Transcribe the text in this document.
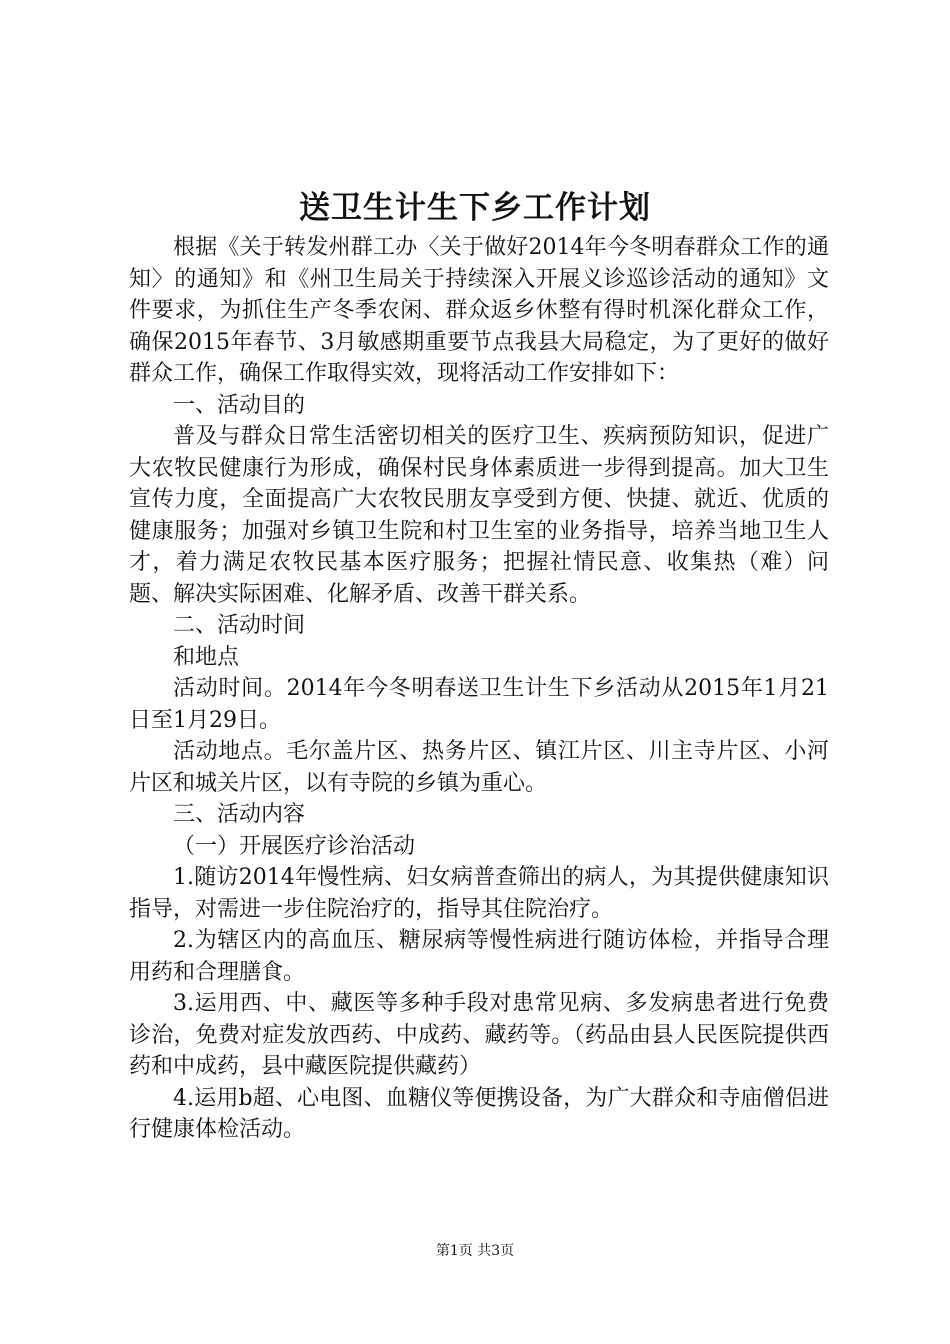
送卫生计生下乡工作计划

根据《关于转发州群工办〈关于做好2014年今冬明春群众工作的通知〉的通知》和《州卫生局关于持续深入开展义诊巡诊活动的通知》文件要求，为抓住生产冬季农闲、群众返乡休整有得时机深化群众工作，确保2015年春节、3月敏感期重要节点我县大局稳定，为了更好的做好群众工作，确保工作取得实效，现将活动工作安排如下：

一、活动目的

普及与群众日常生活密切相关的医疗卫生、疾病预防知识，促进广大农牧民健康行为形成，确保村民身体素质进一步得到提高。加大卫生宣传力度，全面提高广大农牧民朋友享受到方便、快捷、就近、优质的健康服务；加强对乡镇卫生院和村卫生室的业务指导，培养当地卫生人才，着力满足农牧民基本医疗服务；把握社情民意、收集热（难）问题、解决实际困难、化解矛盾、改善干群关系。

二、活动时间

和地点

活动时间。2014年今冬明春送卫生计生下乡活动从2015年1月21日至1月29日。

活动地点。毛尔盖片区、热务片区、镇江片区、川主寺片区、小河片区和城关片区，以有寺院的乡镇为重心。

三、活动内容

（一）开展医疗诊治活动

1.随访2014年慢性病、妇女病普查筛出的病人，为其提供健康知识指导，对需进一步住院治疗的，指导其住院治疗。

2.为辖区内的高血压、糖尿病等慢性病进行随访体检，并指导合理用药和合理膳食。

3.运用西、中、藏医等多种手段对患常见病、多发病患者进行免费诊治，免费对症发放西药、中成药、藏药等。（药品由县人民医院提供西药和中成药，县中藏医院提供藏药）

4.运用b超、心电图、血糖仪等便携设备，为广大群众和寺庙僧侣进行健康体检活动。

第1页 共3页
